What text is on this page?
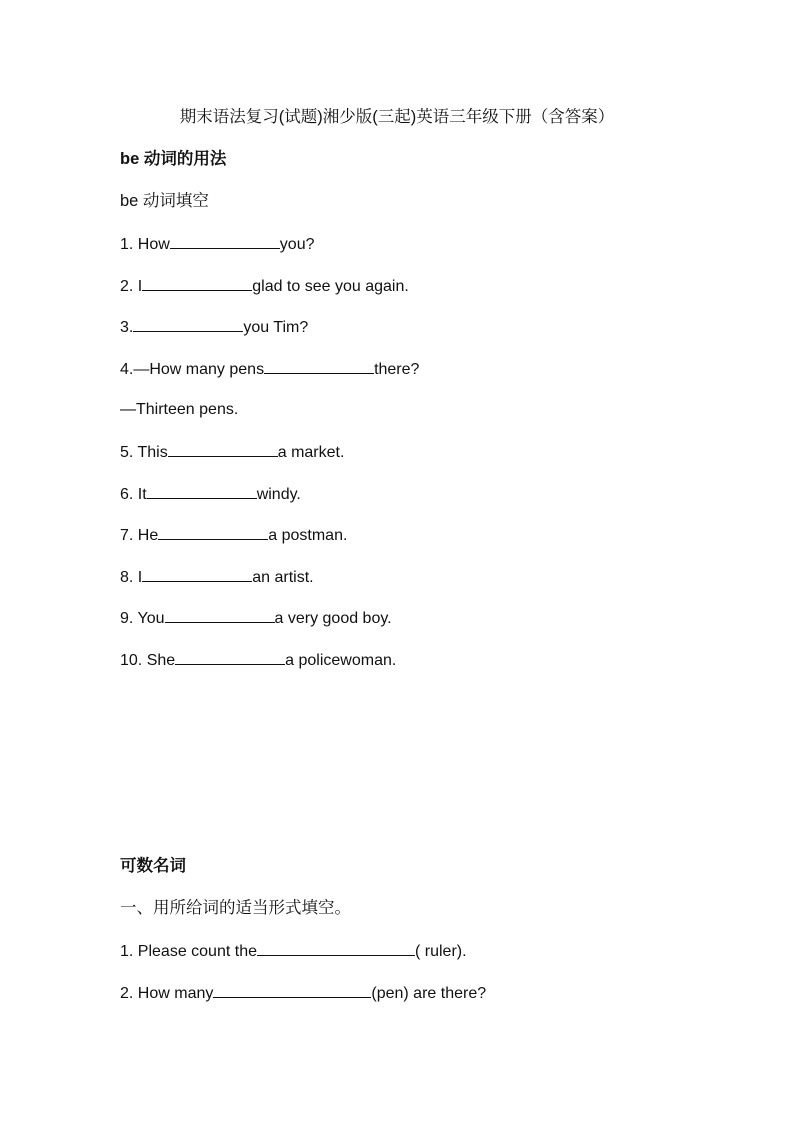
期末语法复习(试题)湘少版(三起)英语三年级下册（含答案）
be 动词的用法
be 动词填空
1. How	you?
2. I	glad to see you again.
3.	you Tim?
4.—How many pens	there?
—Thirteen pens.
5. This	a market.
6. It	windy.
7. He	a postman.
8. I	an artist.
9. You	a very good boy.
10. She	a policewoman.
可数名词
一、用所给词的适当形式填空。
1. Please count the	( ruler).
2. How many	(pen) are there?
